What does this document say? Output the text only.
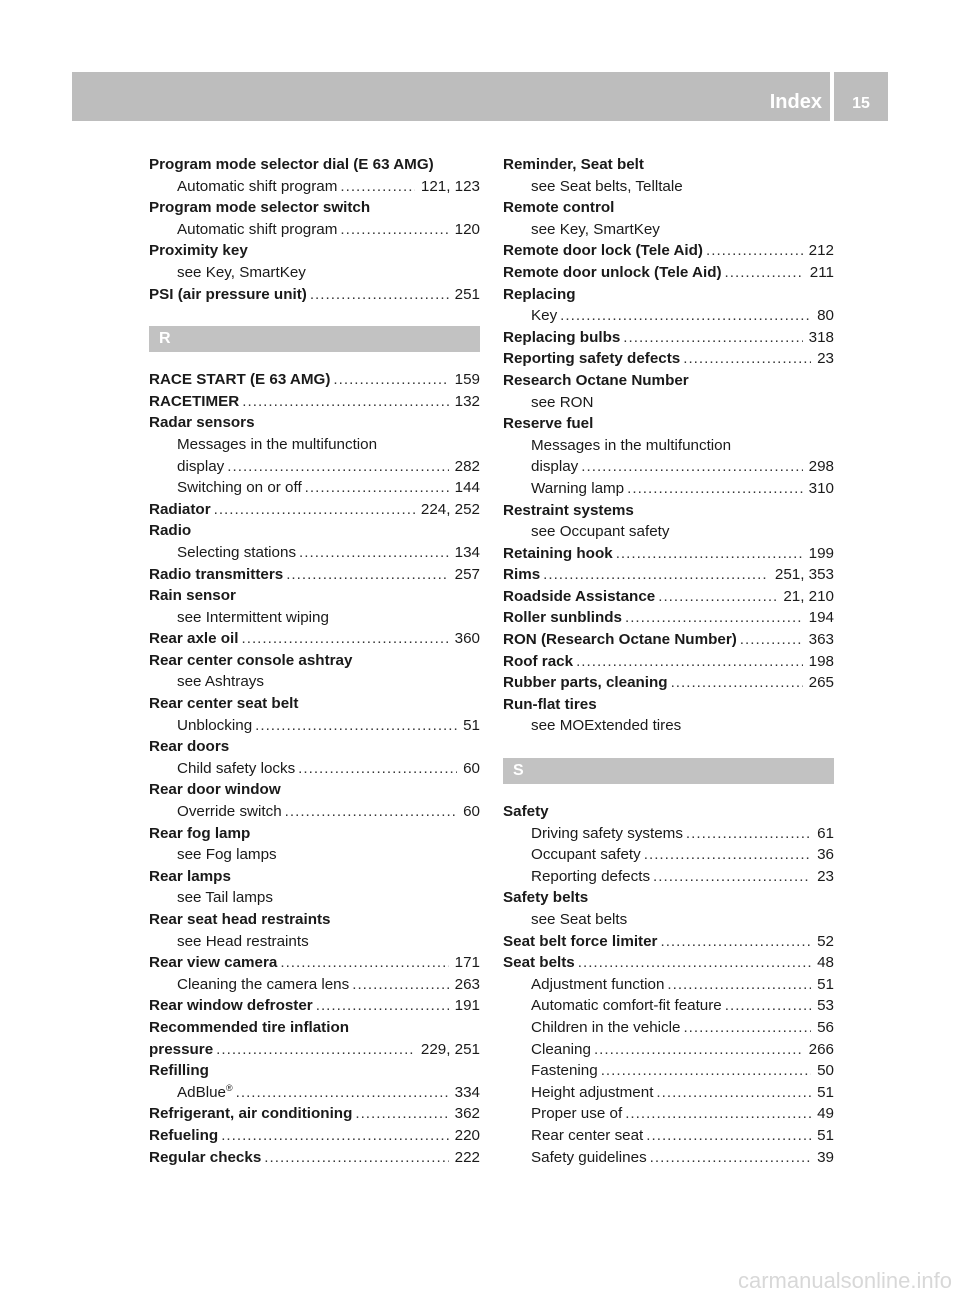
Index	15
Program mode selector dial (E 63 AMG)
Automatic shift program .....	121, 123
Program mode selector switch
Automatic shift program .....	120
Proximity key
see Key, SmartKey
PSI (air pressure unit) .....	251
R
RACE START (E 63 AMG) .....	159
RACETIMER .....	132
Radar sensors
Messages in the multifunction
display .....	282
Switching on or off .....	144
Radiator .....	224, 252
Radio
Selecting stations .....	134
Radio transmitters .....	257
Rain sensor
see Intermittent wiping
Rear axle oil .....	360
Rear center console ashtray
see Ashtrays
Rear center seat belt
Unblocking .....	51
Rear doors
Child safety locks .....	60
Rear door window
Override switch .....	60
Rear fog lamp
see Fog lamps
Rear lamps
see Tail lamps
Rear seat head restraints
see Head restraints
Rear view camera .....	171
Cleaning the camera lens .....	263
Rear window defroster .....	191
Recommended tire inflation
pressure .....	229, 251
Refilling
AdBlue® .....	334
Refrigerant, air conditioning .....	362
Refueling .....	220
Regular checks .....	222
Reminder, Seat belt
see Seat belts, Telltale
Remote control
see Key, SmartKey
Remote door lock (Tele Aid) .....	212
Remote door unlock (Tele Aid) .....	211
Replacing
Key .....	80
Replacing bulbs .....	318
Reporting safety defects .....	23
Research Octane Number
see RON
Reserve fuel
Messages in the multifunction
display .....	298
Warning lamp .....	310
Restraint systems
see Occupant safety
Retaining hook .....	199
Rims .....	251, 353
Roadside Assistance .....	21, 210
Roller sunblinds .....	194
RON (Research Octane Number) .....	363
Roof rack .....	198
Rubber parts, cleaning .....	265
Run-flat tires
see MOExtended tires
S
Safety
Driving safety systems .....	61
Occupant safety .....	36
Reporting defects .....	23
Safety belts
see Seat belts
Seat belt force limiter .....	52
Seat belts .....	48
Adjustment function .....	51
Automatic comfort-fit feature .....	53
Children in the vehicle .....	56
Cleaning .....	266
Fastening .....	50
Height adjustment .....	51
Proper use of .....	49
Rear center seat .....	51
Safety guidelines .....	39
carmanualsonline.info
